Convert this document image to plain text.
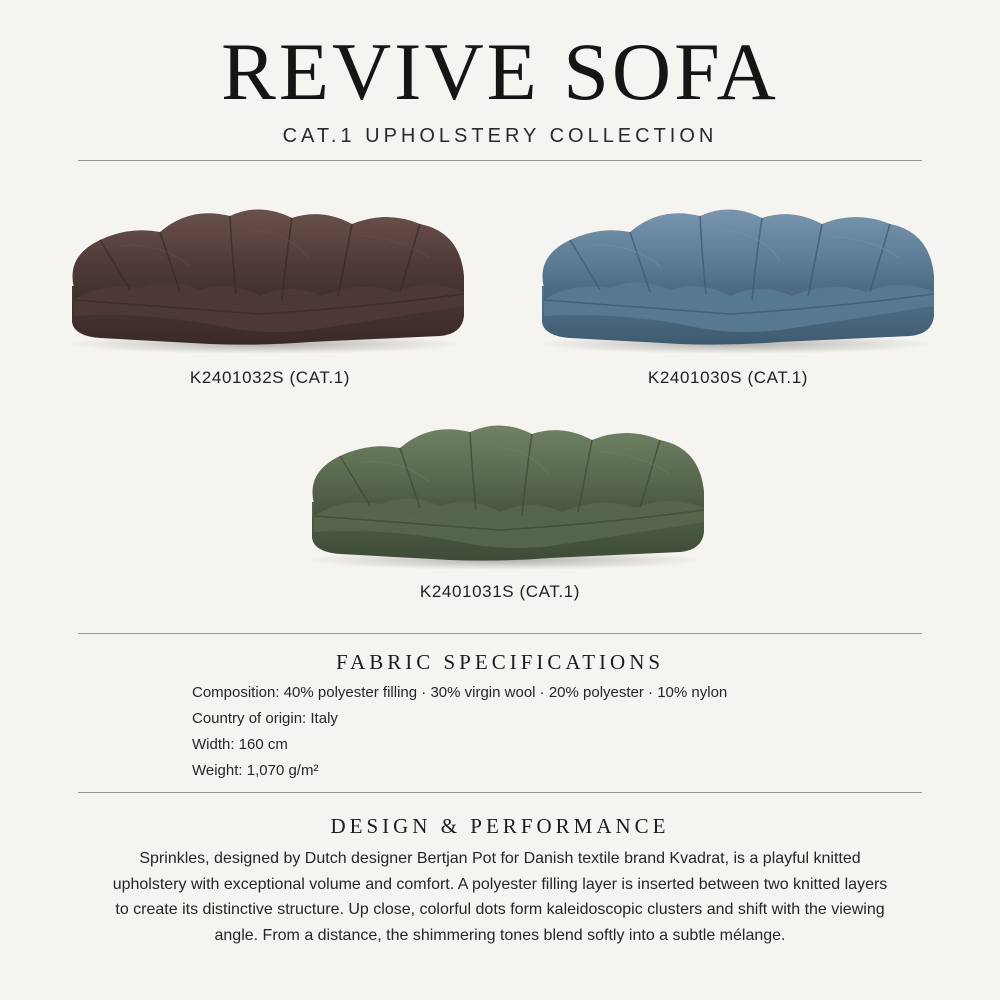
REVIVE SOFA
CAT.1 UPHOLSTERY COLLECTION
K2401032S (CAT.1)	K2401030S (CAT.1)
K2401031S (CAT.1)
FABRIC SPECIFICATIONS
Composition: 40% polyester filling · 30% virgin wool · 20% polyester · 10% nylon
Country of origin: Italy
Width: 160 cm
Weight: 1,070 g/m²
DESIGN & PERFORMANCE

Sprinkles, designed by Dutch designer Bertjan Pot for Danish textile brand Kvadrat, is a playful knitted upholstery with exceptional volume and comfort. A polyester filling layer is inserted between two knitted layers to create its distinctive structure. Up close, colorful dots form kaleidoscopic clusters and shift with the viewing angle. From a distance, the shimmering tones blend softly into a subtle mélange.
